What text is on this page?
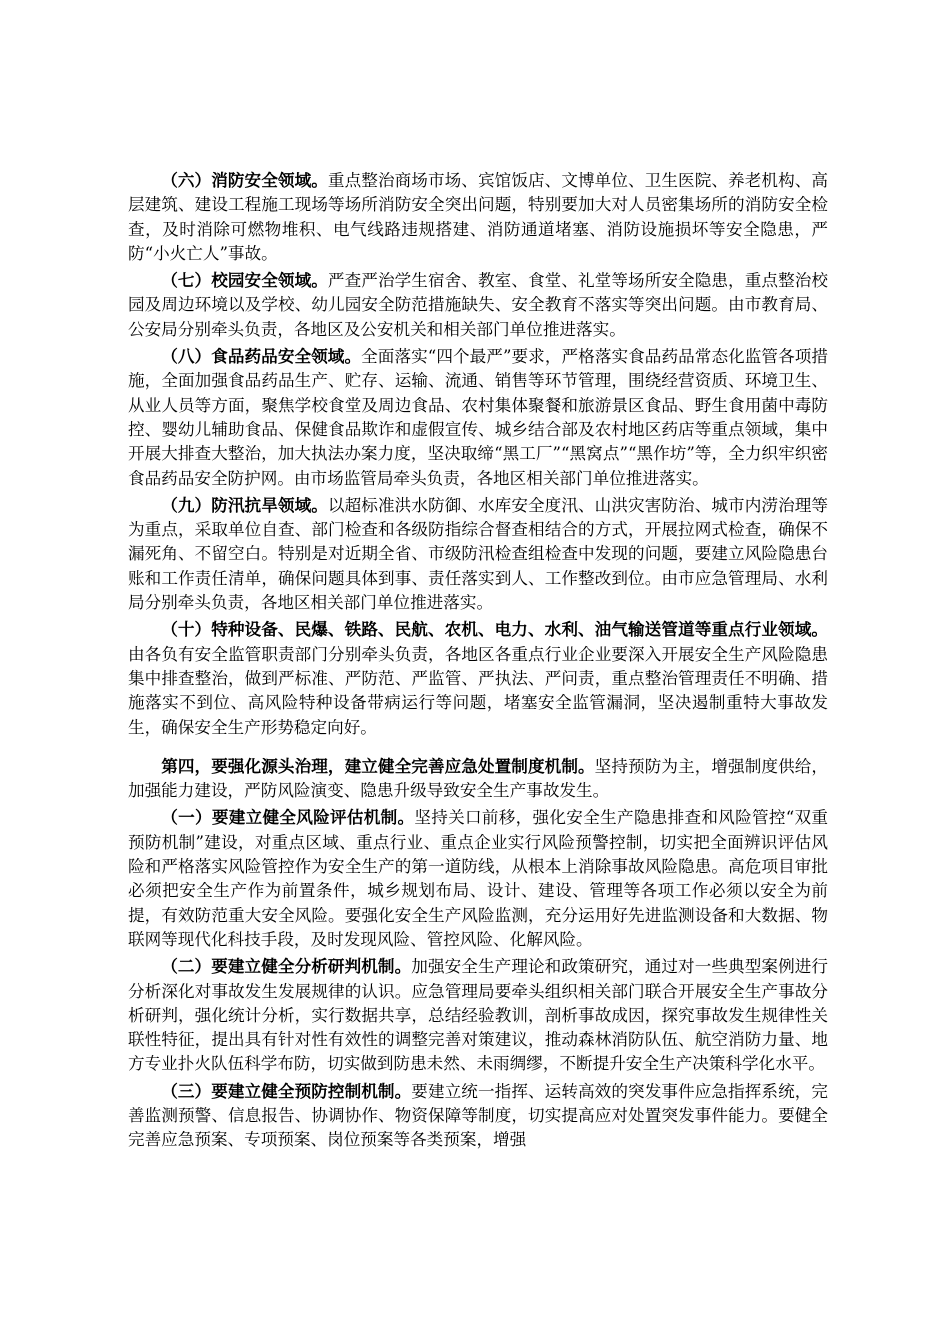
（六）消防安全领域。重点整治商场市场、宾馆饭店、文博单位、卫生医院、养老机构、高层建筑、建设工程施工现场等场所消防安全突出问题，特别要加大对人员密集场所的消防安全检查，及时消除可燃物堆积、电气线路违规搭建、消防通道堵塞、消防设施损坏等安全隐患，严防“小火亡人”事故。

（七）校园安全领域。严查严治学生宿舍、教室、食堂、礼堂等场所安全隐患，重点整治校园及周边环境以及学校、幼儿园安全防范措施缺失、安全教育不落实等突出问题。由市教育局、公安局分别牵头负责，各地区及公安机关和相关部门单位推进落实。

（八）食品药品安全领域。全面落实“四个最严”要求，严格落实食品药品常态化监管各项措施，全面加强食品药品生产、贮存、运输、流通、销售等环节管理，围绕经营资质、环境卫生、从业人员等方面，聚焦学校食堂及周边食品、农村集体聚餐和旅游景区食品、野生食用菌中毒防控、婴幼儿辅助食品、保健食品欺诈和虚假宣传、城乡结合部及农村地区药店等重点领域，集中开展大排查大整治，加大执法办案力度，坚决取缔“黑工厂”“黑窝点”“黑作坊”等，全力织牢织密食品药品安全防护网。由市场监管局牵头负责，各地区相关部门单位推进落实。

（九）防汛抗旱领域。以超标准洪水防御、水库安全度汛、山洪灾害防治、城市内涝治理等为重点，采取单位自查、部门检查和各级防指综合督查相结合的方式，开展拉网式检查，确保不漏死角、不留空白。特别是对近期全省、市级防汛检查组检查中发现的问题，要建立风险隐患台账和工作责任清单，确保问题具体到事、责任落实到人、工作整改到位。由市应急管理局、水利局分别牵头负责，各地区相关部门单位推进落实。

（十）特种设备、民爆、铁路、民航、农机、电力、水利、油气输送管道等重点行业领域。由各负有安全监管职责部门分别牵头负责，各地区各重点行业企业要深入开展安全生产风险隐患集中排查整治，做到严标准、严防范、严监管、严执法、严问责，重点整治管理责任不明确、措施落实不到位、高风险特种设备带病运行等问题，堵塞安全监管漏洞，坚决遏制重特大事故发生，确保安全生产形势稳定向好。

第四，要强化源头治理，建立健全完善应急处置制度机制。坚持预防为主，增强制度供给，加强能力建设，严防风险演变、隐患升级导致安全生产事故发生。

（一）要建立健全风险评估机制。坚持关口前移，强化安全生产隐患排查和风险管控“双重预防机制”建设，对重点区域、重点行业、重点企业实行风险预警控制，切实把全面辨识评估风险和严格落实风险管控作为安全生产的第一道防线，从根本上消除事故风险隐患。高危项目审批必须把安全生产作为前置条件，城乡规划布局、设计、建设、管理等各项工作必须以安全为前提，有效防范重大安全风险。要强化安全生产风险监测，充分运用好先进监测设备和大数据、物联网等现代化科技手段，及时发现风险、管控风险、化解风险。

（二）要建立健全分析研判机制。加强安全生产理论和政策研究，通过对一些典型案例进行分析深化对事故发生发展规律的认识。应急管理局要牵头组织相关部门联合开展安全生产事故分析研判，强化统计分析，实行数据共享，总结经验教训，剖析事故成因，探究事故发生规律性关联性特征，提出具有针对性有效性的调整完善对策建议，推动森林消防队伍、航空消防力量、地方专业扑火队伍科学布防，切实做到防患未然、未雨绸缪，不断提升安全生产决策科学化水平。

（三）要建立健全预防控制机制。要建立统一指挥、运转高效的突发事件应急指挥系统，完善监测预警、信息报告、协调协作、物资保障等制度，切实提高应对处置突发事件能力。要健全完善应急预案、专项预案、岗位预案等各类预案，增强
